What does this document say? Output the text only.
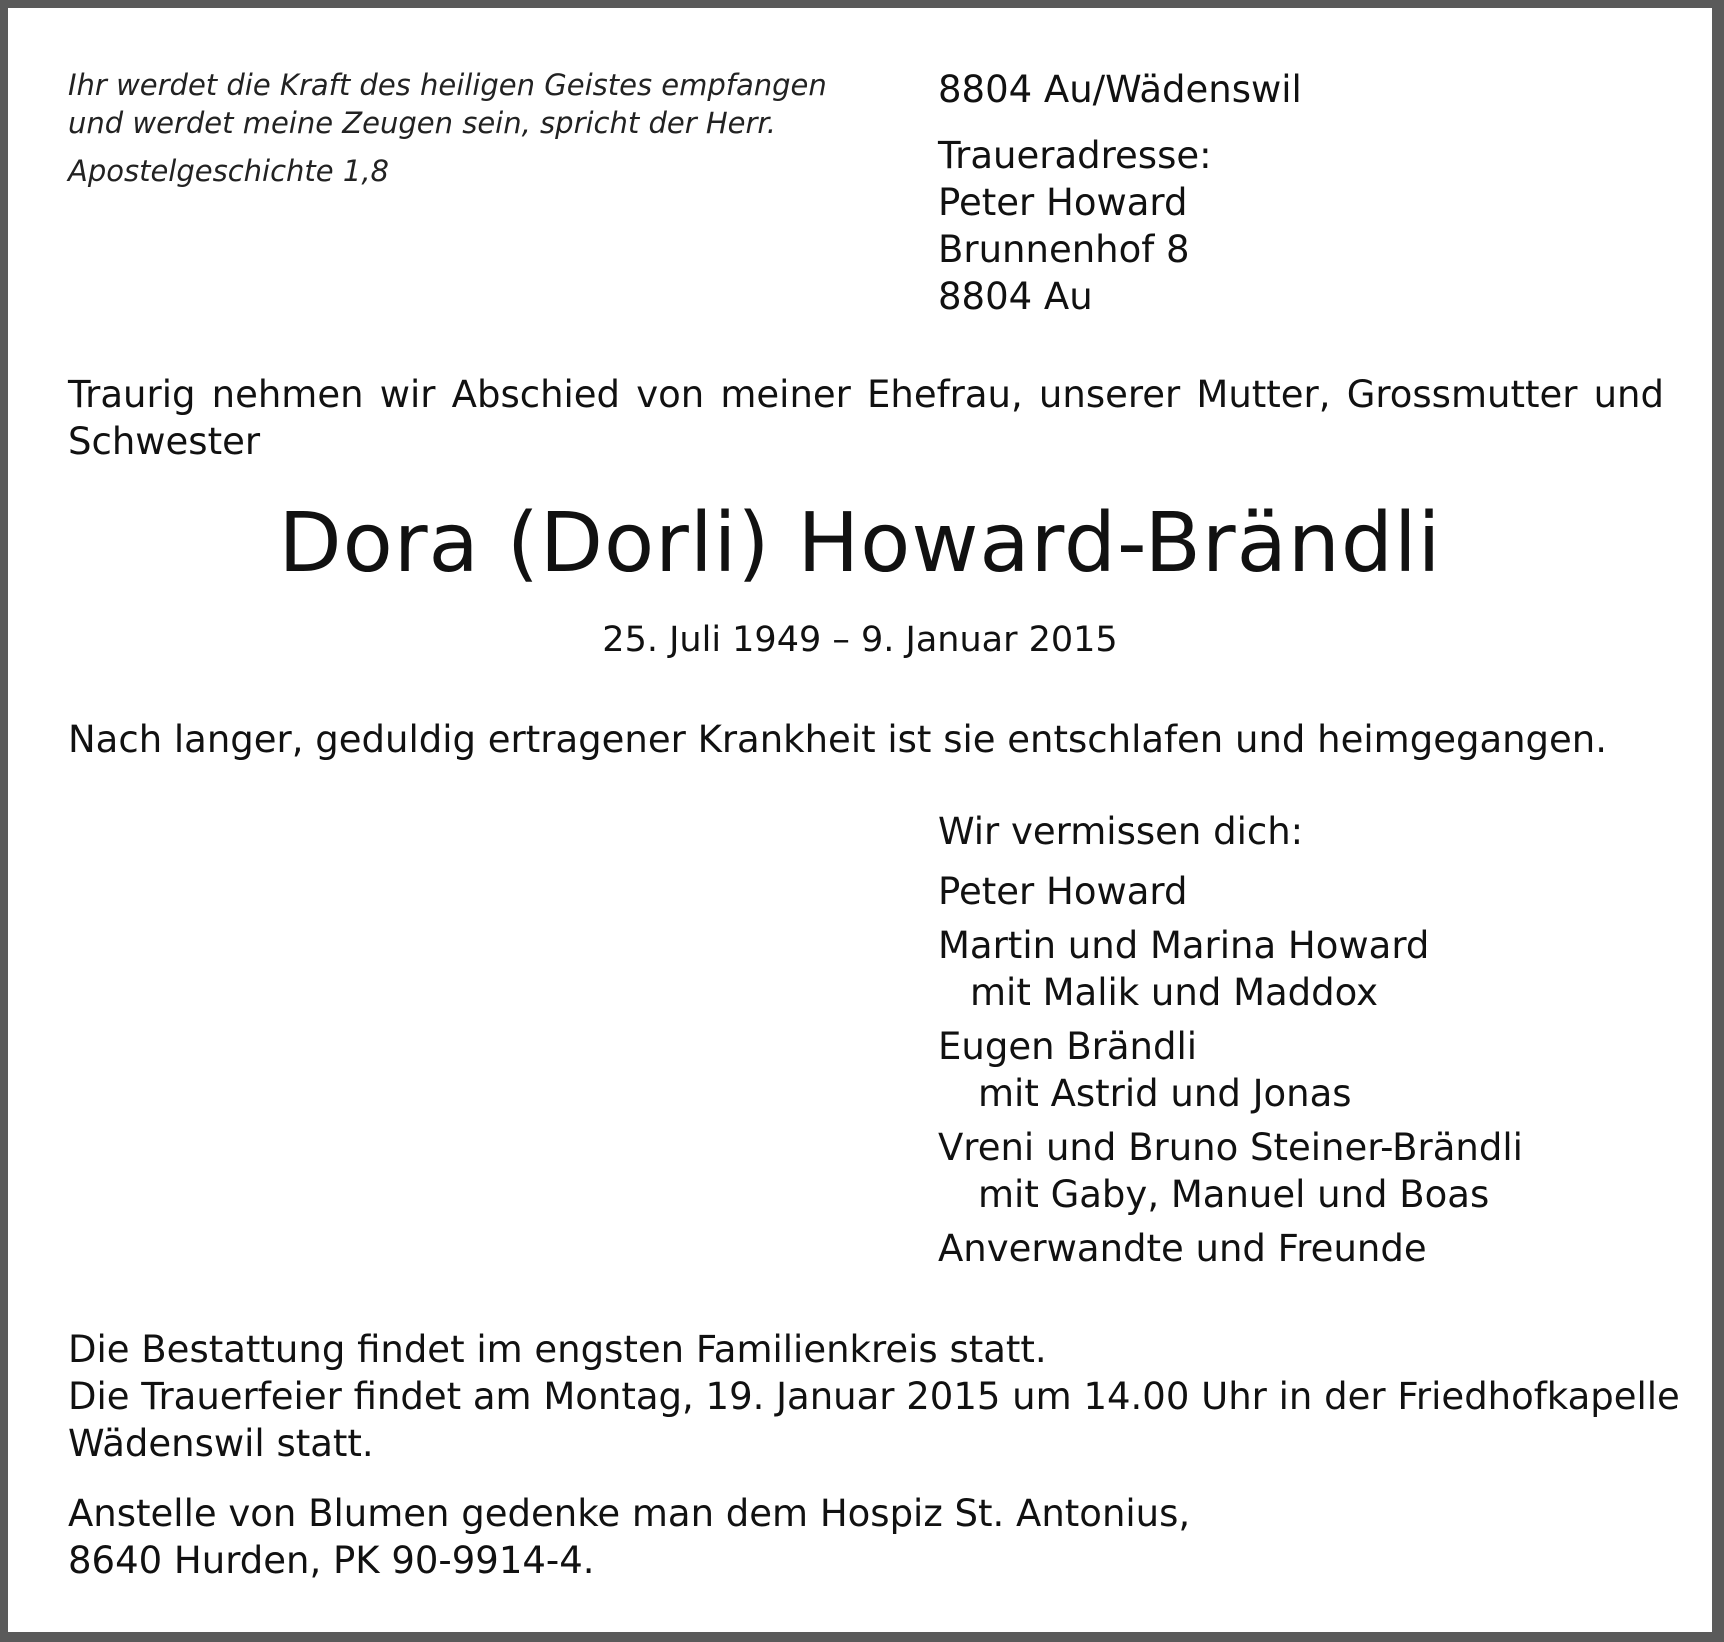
Ihr werdet die Kraft des heiligen Geistes empfangen
und werdet meine Zeugen sein, spricht der Herr.
Apostelgeschichte 1,8
8804 Au/Wädenswil
Traueradresse:
Peter Howard
Brunnenhof 8
8804 Au
Traurig nehmen wir Abschied von meiner Ehefrau, unserer Mutter, Grossmutter und Schwester
Dora (Dorli) Howard-Brändli
25. Juli 1949 – 9. Januar 2015
Nach langer, geduldig ertragener Krankheit ist sie entschlafen und heimgegangen.
Wir vermissen dich:
Peter Howard
Martin und Marina Howard
mit Malik und Maddox
Eugen Brändli
mit Astrid und Jonas
Vreni und Bruno Steiner-Brändli
mit Gaby, Manuel und Boas
Anverwandte und Freunde
Die Bestattung findet im engsten Familienkreis statt.
Die Trauerfeier findet am Montag, 19. Januar 2015 um 14.00 Uhr in der Friedhofkapelle
Wädenswil statt.
Anstelle von Blumen gedenke man dem Hospiz St. Antonius,
8640 Hurden, PK 90-9914-4.
